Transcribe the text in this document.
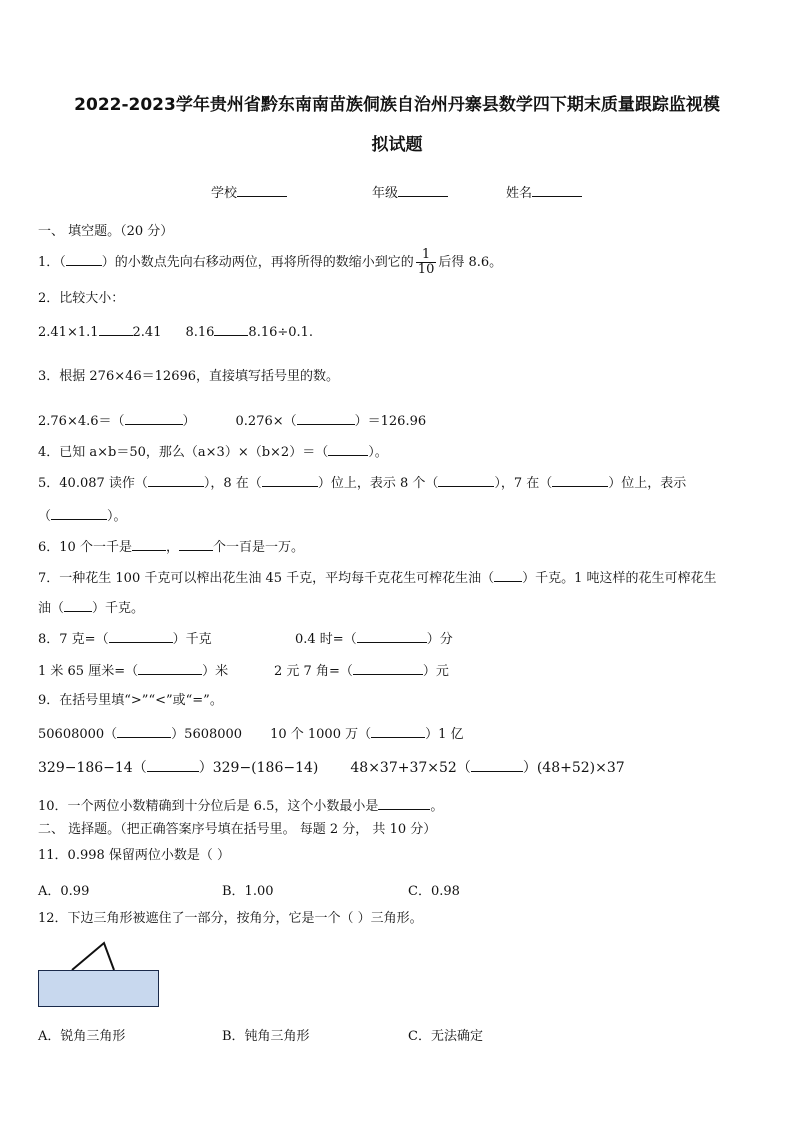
2022-2023学年贵州省黔东南南苗族侗族自治州丹寨县数学四下期末质量跟踪监视模
拟试题
学校	年级	姓名
一、 填空题。（20 分）
1．（	）的小数点先向右移动两位，再将所得的数缩小到它的 $\frac{1}{10}$ 后得 8.6。
2．比较大小：
2.41×1.1	2.41 8.16	8.16÷0.1.
3．根据 276×46＝12696，直接填写括号里的数。
2.76×4.6＝（	）	0.276×（	）＝126.96
4．已知 a×b＝50，那么（a×3）×（b×2）＝（	）。
5．40.087 读作（	），8 在（	）位上，表示 8 个（	），7 在（	）位上，表示
（	）。
6．10 个一千是	，	个一百是一万。
7．一种花生 100 千克可以榨出花生油 45 千克，平均每千克花生可榨花生油（ ）千克。1 吨这样的花生可榨花生
油（ ）千克。
8．7 克=（	）千克	0.4 时=（	）分
1 米 65 厘米=（	）米	2 元 7 角=（	）元
9．在括号里填“>”“<”或“=”。
50608000（	）5608000 10 个 1000 万（	）1 亿
329−186−14（	）329−(186−14) 48×37+37×52（	）(48+52)×37
10．一个两位小数精确到十分位后是 6.5，这个小数最小是	。
二、 选择题。（把正确答案序号填在括号里。 每题 2 分， 共 10 分）
11．0.998 保留两位小数是（ ）
A．0.99	B．1.00	C．0.98
12．下边三角形被遮住了一部分，按角分，它是一个（ ）三角形。
A．锐角三角形	B．钝角三角形	C．无法确定
